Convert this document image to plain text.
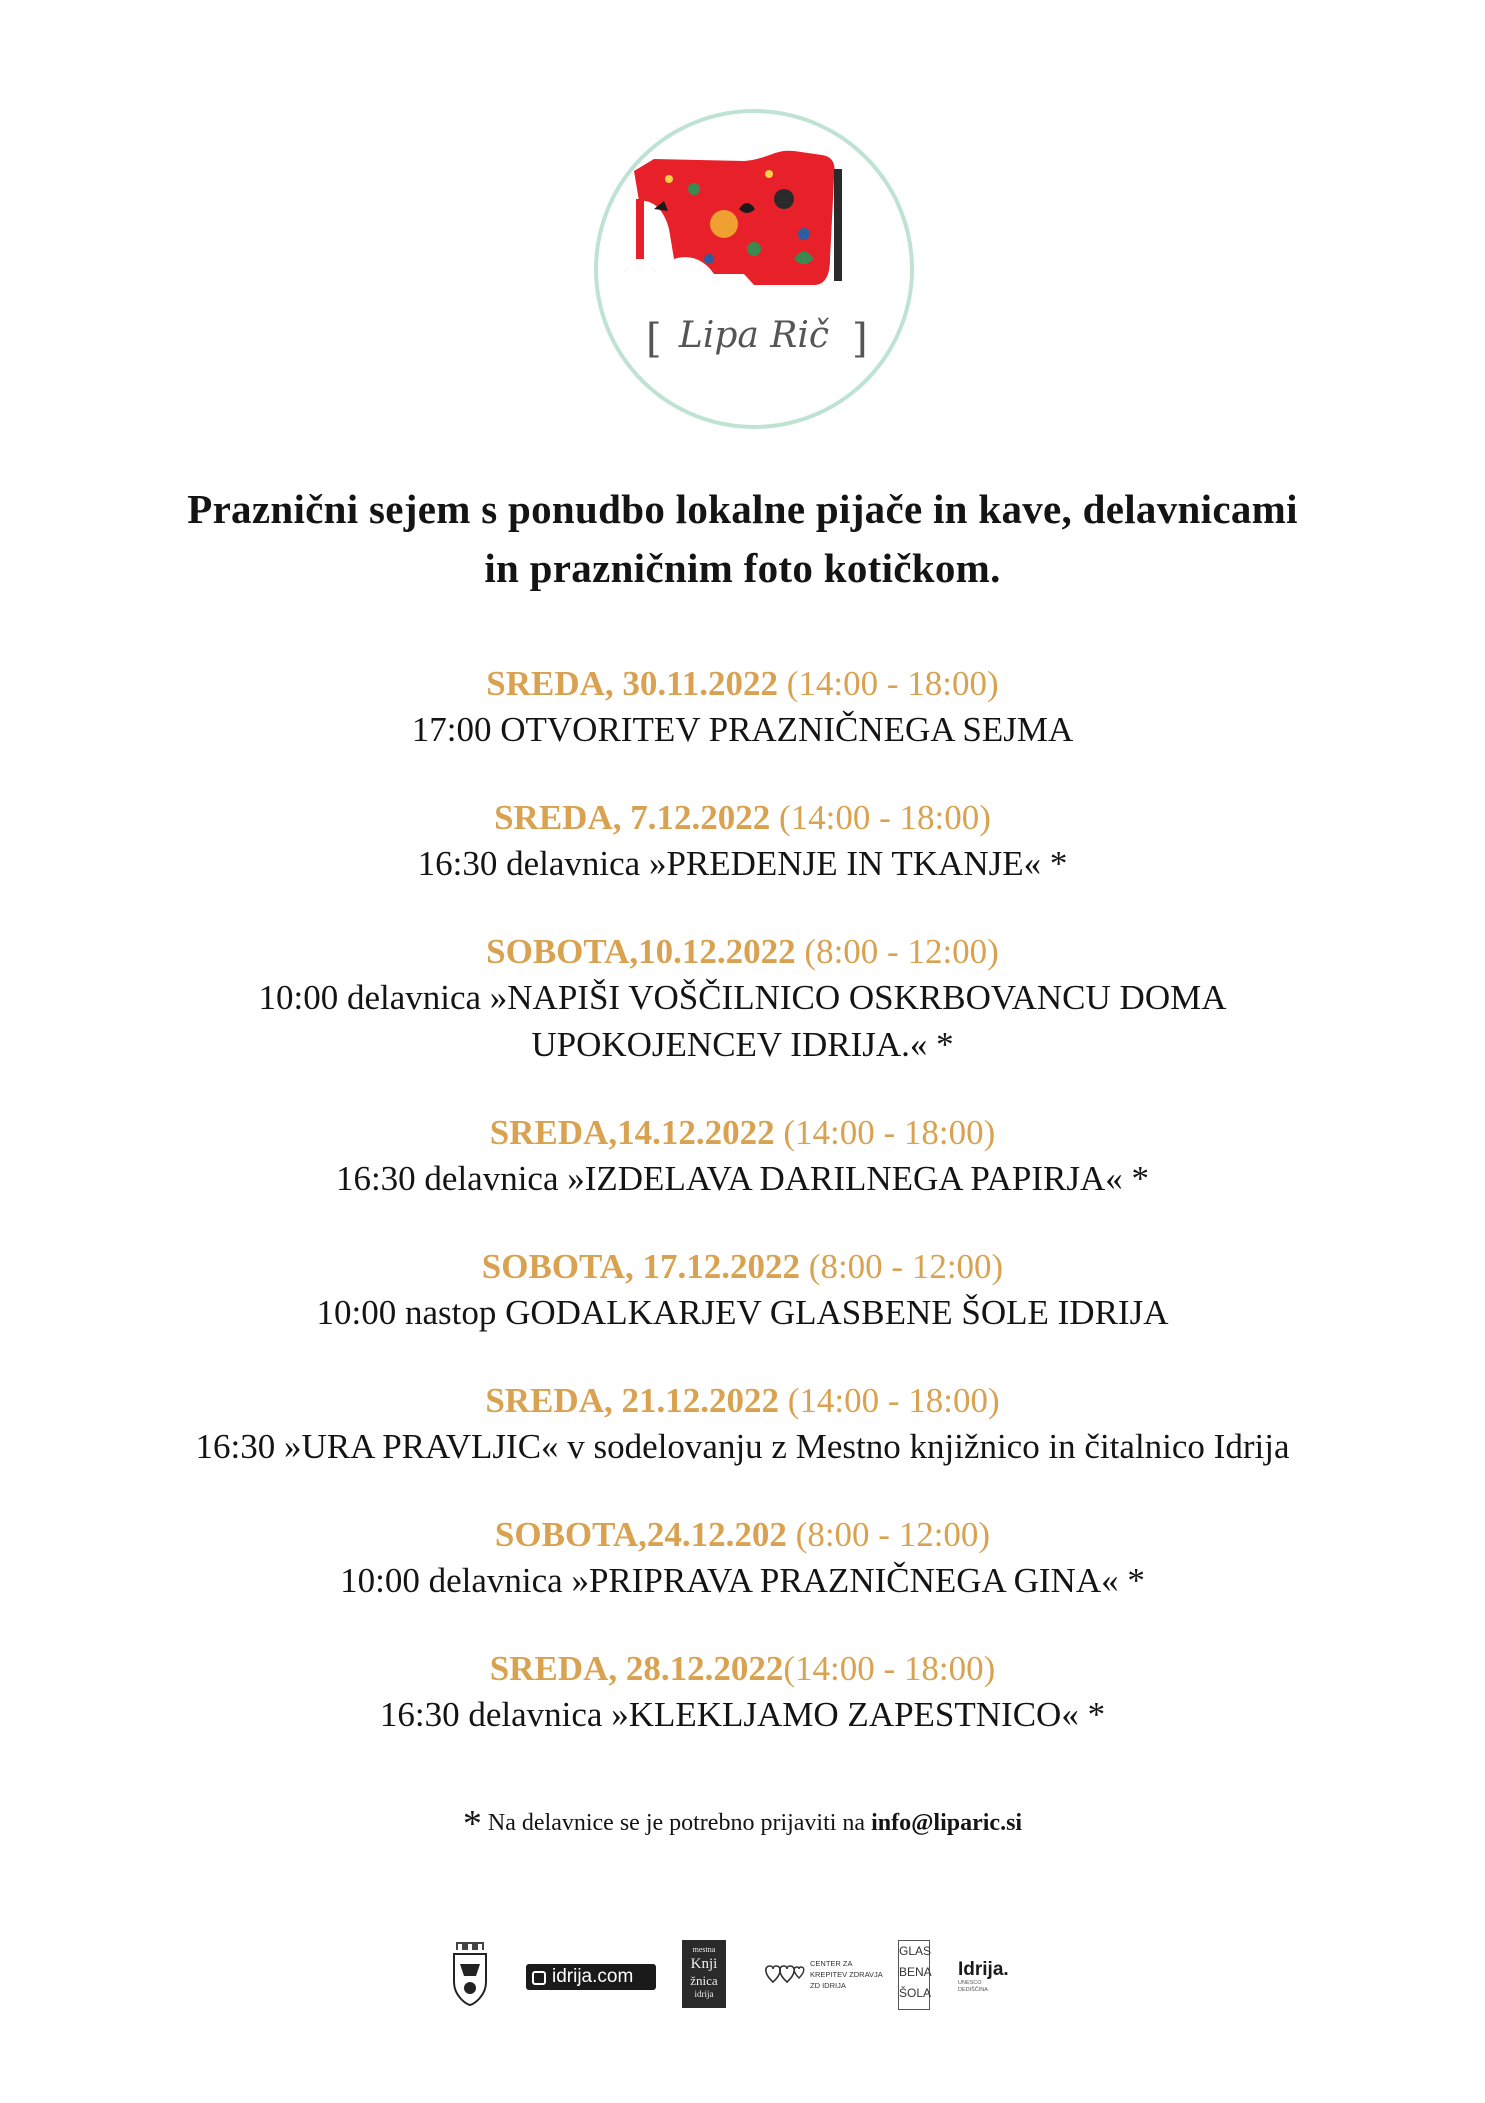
[	]
Lipa Rič
Praznični sejem s ponudbo lokalne pijače in kave, delavnicami
in prazničnim foto kotičkom.
SREDA, 30.11.2022 (14:00 - 18:00)
17:00 OTVORITEV PRAZNIČNEGA SEJMA
SREDA, 7.12.2022 (14:00 - 18:00)
16:30 delavnica »PREDENJE IN TKANJE« *
SOBOTA,10.12.2022 (8:00 - 12:00)
10:00 delavnica »NAPIŠI VOŠČILNICO OSKRBOVANCU DOMA
UPOKOJENCEV IDRIJA.« *
SREDA,14.12.2022 (14:00 - 18:00)
16:30 delavnica »IZDELAVA DARILNEGA PAPIRJA« *
SOBOTA, 17.12.2022 (8:00 - 12:00)
10:00 nastop GODALKARJEV GLASBENE ŠOLE IDRIJA
SREDA, 21.12.2022 (14:00 - 18:00)
16:30 »URA PRAVLJIC« v sodelovanju z Mestno knjižnico in čitalnico Idrija
SOBOTA,24.12.202 (8:00 - 12:00)
10:00 delavnica »PRIPRAVA PRAZNIČNEGA GINA« *
SREDA, 28.12.2022(14:00 - 18:00)
16:30 delavnica »KLEKLJAMO ZAPESTNICO« *
* Na delavnice se je potrebno prijaviti na info@liparic.si
idrija.com
mestna
Knji
žnica
idrija
CENTER ZA
KREPITEV ZDRAVJA
ZD IDRIJA
GLAS
BENA
ŠOLA
Idrija.
UNESCO
DEDIŠČINA
